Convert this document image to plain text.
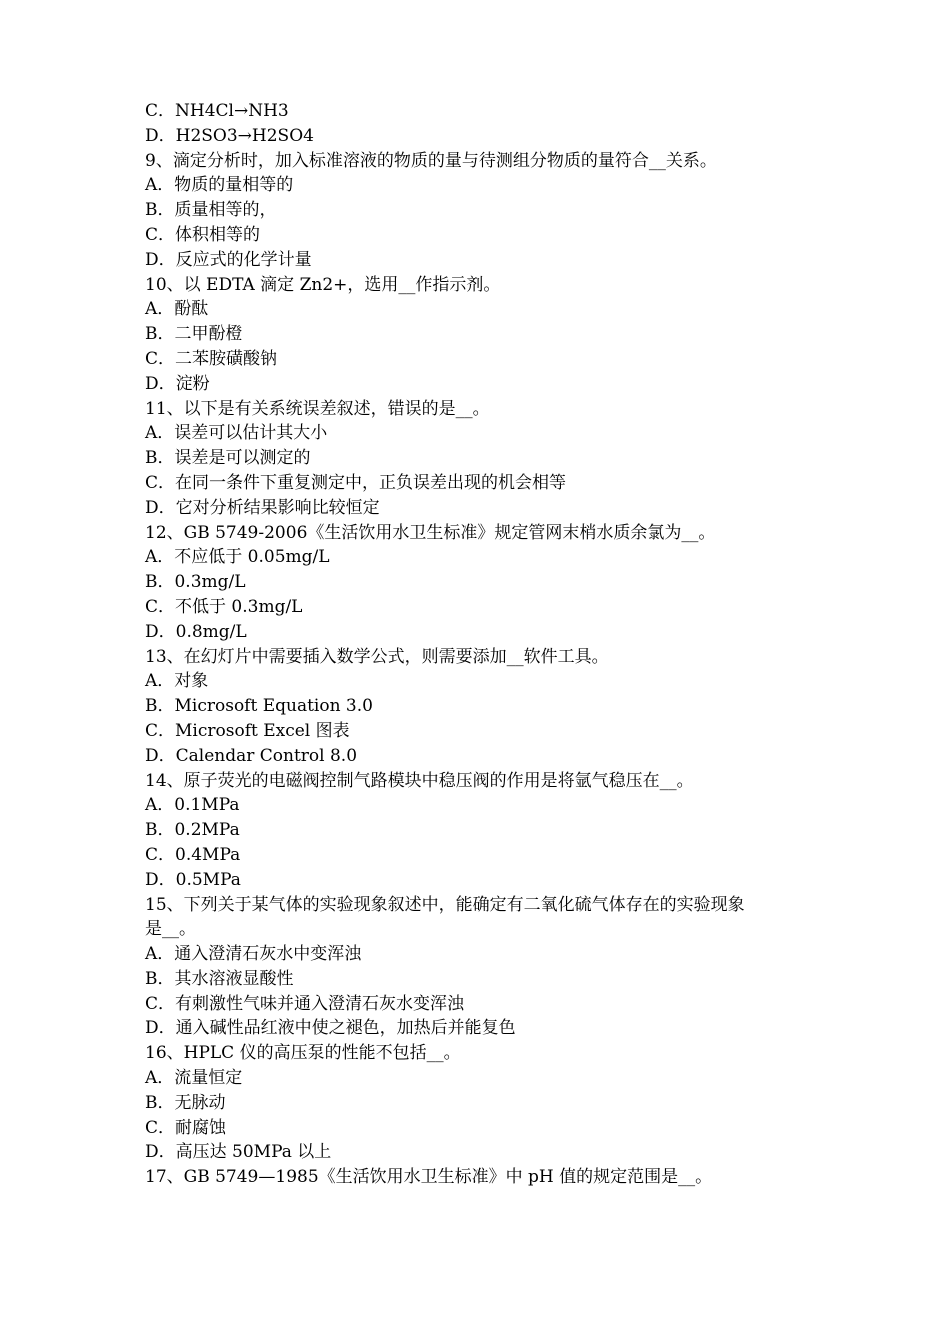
C．NH4Cl→NH3
D．H2SO3→H2SO4
9、滴定分析时，加入标准溶液的物质的量与待测组分物质的量符合__关系。
A．物质的量相等的
B．质量相等的，
C．体积相等的
D．反应式的化学计量
10、以 EDTA 滴定 Zn2+，选用__作指示剂。
A．酚酞
B．二甲酚橙
C．二苯胺磺酸钠
D．淀粉
11、以下是有关系统误差叙述，错误的是__。
A．误差可以估计其大小
B．误差是可以测定的
C．在同一条件下重复测定中，正负误差出现的机会相等
D．它对分析结果影响比较恒定
12、GB 5749-2006《生活饮用水卫生标准》规定管网末梢水质余氯为__。
A．不应低于 0.05mg/L
B．0.3mg/L
C．不低于 0.3mg/L
D．0.8mg/L
13、在幻灯片中需要插入数学公式，则需要添加__软件工具。
A．对象
B．Microsoft Equation 3.0
C．Microsoft Excel 图表
D．Calendar Control 8.0
14、原子荧光的电磁阀控制气路模块中稳压阀的作用是将氩气稳压在__。
A．0.1MPa
B．0.2MPa
C．0.4MPa
D．0.5MPa
15、下列关于某气体的实验现象叙述中，能确定有二氧化硫气体存在的实验现象
是__。
A．通入澄清石灰水中变浑浊
B．其水溶液显酸性
C．有刺激性气味并通入澄清石灰水变浑浊
D．通入碱性品红液中使之褪色，加热后并能复色
16、HPLC 仪的高压泵的性能不包括__。
A．流量恒定
B．无脉动
C．耐腐蚀
D．高压达 50MPa 以上
17、GB 5749—1985《生活饮用水卫生标准》中 pH 值的规定范围是__。
